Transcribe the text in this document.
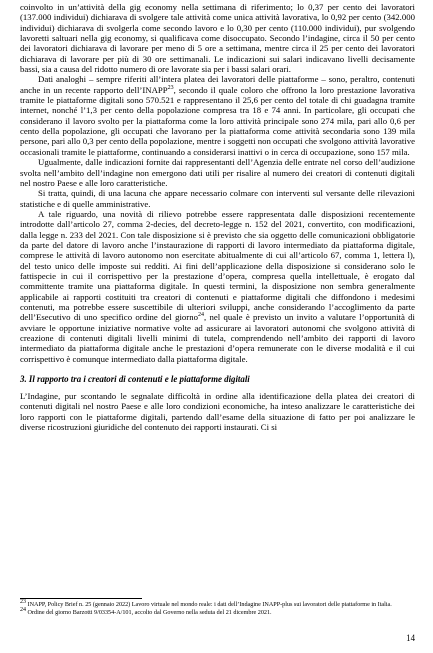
coinvolto in un’attività della gig economy nella settimana di riferimento; lo 0,37 per cento dei lavoratori (137.000 individui) dichiarava di svolgere tale attività come unica attività lavorativa, lo 0,92 per cento (342.000 individui) dichiarava di svolgerla come secondo lavoro e lo 0,30 per cento (110.000 individui), pur svolgendo lavoretti saltuari nella gig economy, si qualificava come disoccupato. Secondo l’indagine, circa il 50 per cento dei lavoratori dichiarava di lavorare per meno di 5 ore a settimana, mentre circa il 25 per cento dei lavoratori dichiarava di lavorare per più di 30 ore settimanali. Le indicazioni sui salari indicavano livelli decisamente bassi, sia a causa del ridotto numero di ore lavorate sia per i bassi salari orari.

Dati analoghi – sempre riferiti all’intera platea dei lavoratori delle piattaforme – sono, peraltro, contenuti anche in un recente rapporto dell’INAPP$^{23}$, secondo il quale coloro che offrono la loro prestazione lavorativa tramite le piattaforme digitali sono 570.521 e rappresentano il 25,6 per cento del totale di chi guadagna tramite internet, nonché l’1,3 per cento della popolazione compresa tra 18 e 74 anni. In particolare, gli occupati che considerano il lavoro svolto per la piattaforma come la loro attività principale sono 274 mila, pari allo 0,6 per cento della popolazione, gli occupati che lavorano per la piattaforma come attività secondaria sono 139 mila persone, pari allo 0,3 per cento della popolazione, mentre i soggetti non occupati che svolgono attività lavorative occasionali tramite le piattaforme, continuando a considerarsi inattivi o in cerca di occupazione, sono 157 mila.

Ugualmente, dalle indicazioni fornite dai rappresentanti dell’Agenzia delle entrate nel corso dell’audizione svolta nell’ambito dell’indagine non emergono dati utili per risalire al numero dei creatori di contenuti digitali nel nostro Paese e alle loro caratteristiche.

Si tratta, quindi, di una lacuna che appare necessario colmare con interventi sul versante delle rilevazioni statistiche e di quelle amministrative.

A tale riguardo, una novità di rilievo potrebbe essere rappresentata dalle disposizioni recentemente introdotte dall’articolo 27, comma 2-decies, del decreto-legge n. 152 del 2021, convertito, con modificazioni, dalla legge n. 233 del 2021. Con tale disposizione si è previsto che sia oggetto delle comunicazioni obbligatorie da parte del datore di lavoro anche l’instaurazione di rapporti di lavoro intermediato da piattaforma digitale, comprese le attività di lavoro autonomo non esercitate abitualmente di cui all’articolo 67, comma 1, lettera l), del testo unico delle imposte sui redditi. Ai fini dell’applicazione della disposizione si considerano solo le fattispecie in cui il corrispettivo per la prestazione d’opera, compresa quella intellettuale, è erogato dal committente tramite una piattaforma digitale. In questi termini, la disposizione non sembra generalmente applicabile ai rapporti costituiti tra creatori di contenuti e piattaforme digitali che diffondono i medesimi contenuti, ma potrebbe essere suscettibile di ulteriori sviluppi, anche considerando l’accoglimento da parte dell’Esecutivo di uno specifico ordine del giorno$^{24}$, nel quale è previsto un invito a valutare l’opportunità di avviare le opportune iniziative normative volte ad assicurare ai lavoratori autonomi che svolgono attività di creazione di contenuti digitali livelli minimi di tutela, comprendendo nell’ambito dei rapporti di lavoro intermediato da piattaforma digitale anche le prestazioni d’opera remunerate con le diverse modalità e il cui corrispettivo è comunque intermediato dalla piattaforma digitale.

3. Il rapporto tra i creatori di contenuti e le piattaforme digitali

L’Indagine, pur scontando le segnalate difficoltà in ordine alla identificazione della platea dei creatori di contenuti digitali nel nostro Paese e alle loro condizioni economiche, ha inteso analizzare le caratteristiche dei loro rapporti con le piattaforme digitali, partendo dall’esame della situazione di fatto per poi analizzare le diverse ricostruzioni giuridiche del contenuto dei rapporti instaurati. Ci si

$^{23}$ INAPP, Policy Brief n. 25 (gennaio 2022) Lavoro virtuale nel mondo reale: i dati dell’Indagine INAPP-plus sui lavoratori delle piattaforme in Italia.

$^{24}$ Ordine del giorno Barzotti 9/03354-A/101, accolto dal Governo nella seduta del 21 dicembre 2021.

14
